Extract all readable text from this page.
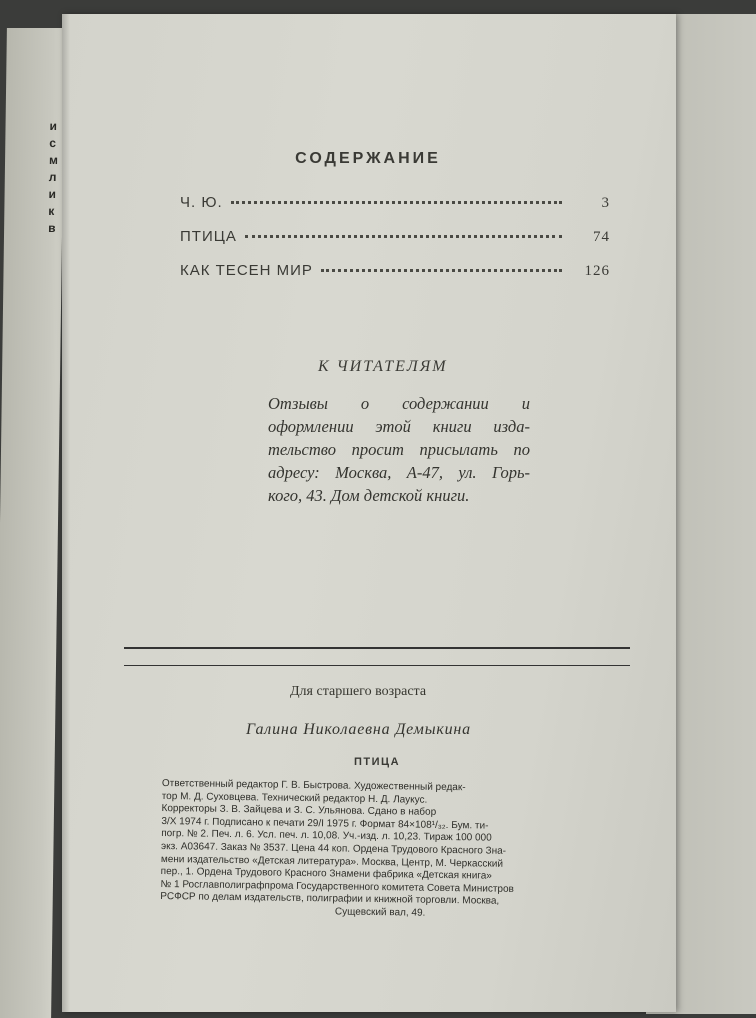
и
с
м
л
и
к
в
СОДЕРЖАНИЕ
Ч. Ю.	3
ПТИЦА	74
КАК ТЕСЕН МИР	126
К ЧИТАТЕЛЯМ
Отзывы о содержании и
оформлении этой книги изда-
тельство просит присылать по
адресу: Москва, А-47, ул. Горь-
кого, 43. Дом детской книги.
Для старшего возраста
Галина Николаевна Демыкина
ПТИЦА
Ответственный редактор Г. В. Быстрова. Художественный редак-
тор М. Д. Суховцева. Технический редактор Н. Д. Лаукус.
Корректоры З. В. Зайцева и З. С. Ульянова. Сдано в набор
3/X 1974 г. Подписано к печати 29/I 1975 г. Формат 84×108¹/₃₂. Бум. ти-
погр. № 2. Печ. л. 6. Усл. печ. л. 10,08. Уч.-изд. л. 10,23. Тираж 100 000
экз. А03647. Заказ № 3537. Цена 44 коп. Ордена Трудового Красного Зна-
мени издательство «Детская литература». Москва, Центр, М. Черкасский
пер., 1. Ордена Трудового Красного Знамени фабрика «Детская книга»
№ 1 Росглавполиграфпрома Государственного комитета Совета Министров
РСФСР по делам издательств, полиграфии и книжной торговли. Москва,
Сущевский вал, 49.
